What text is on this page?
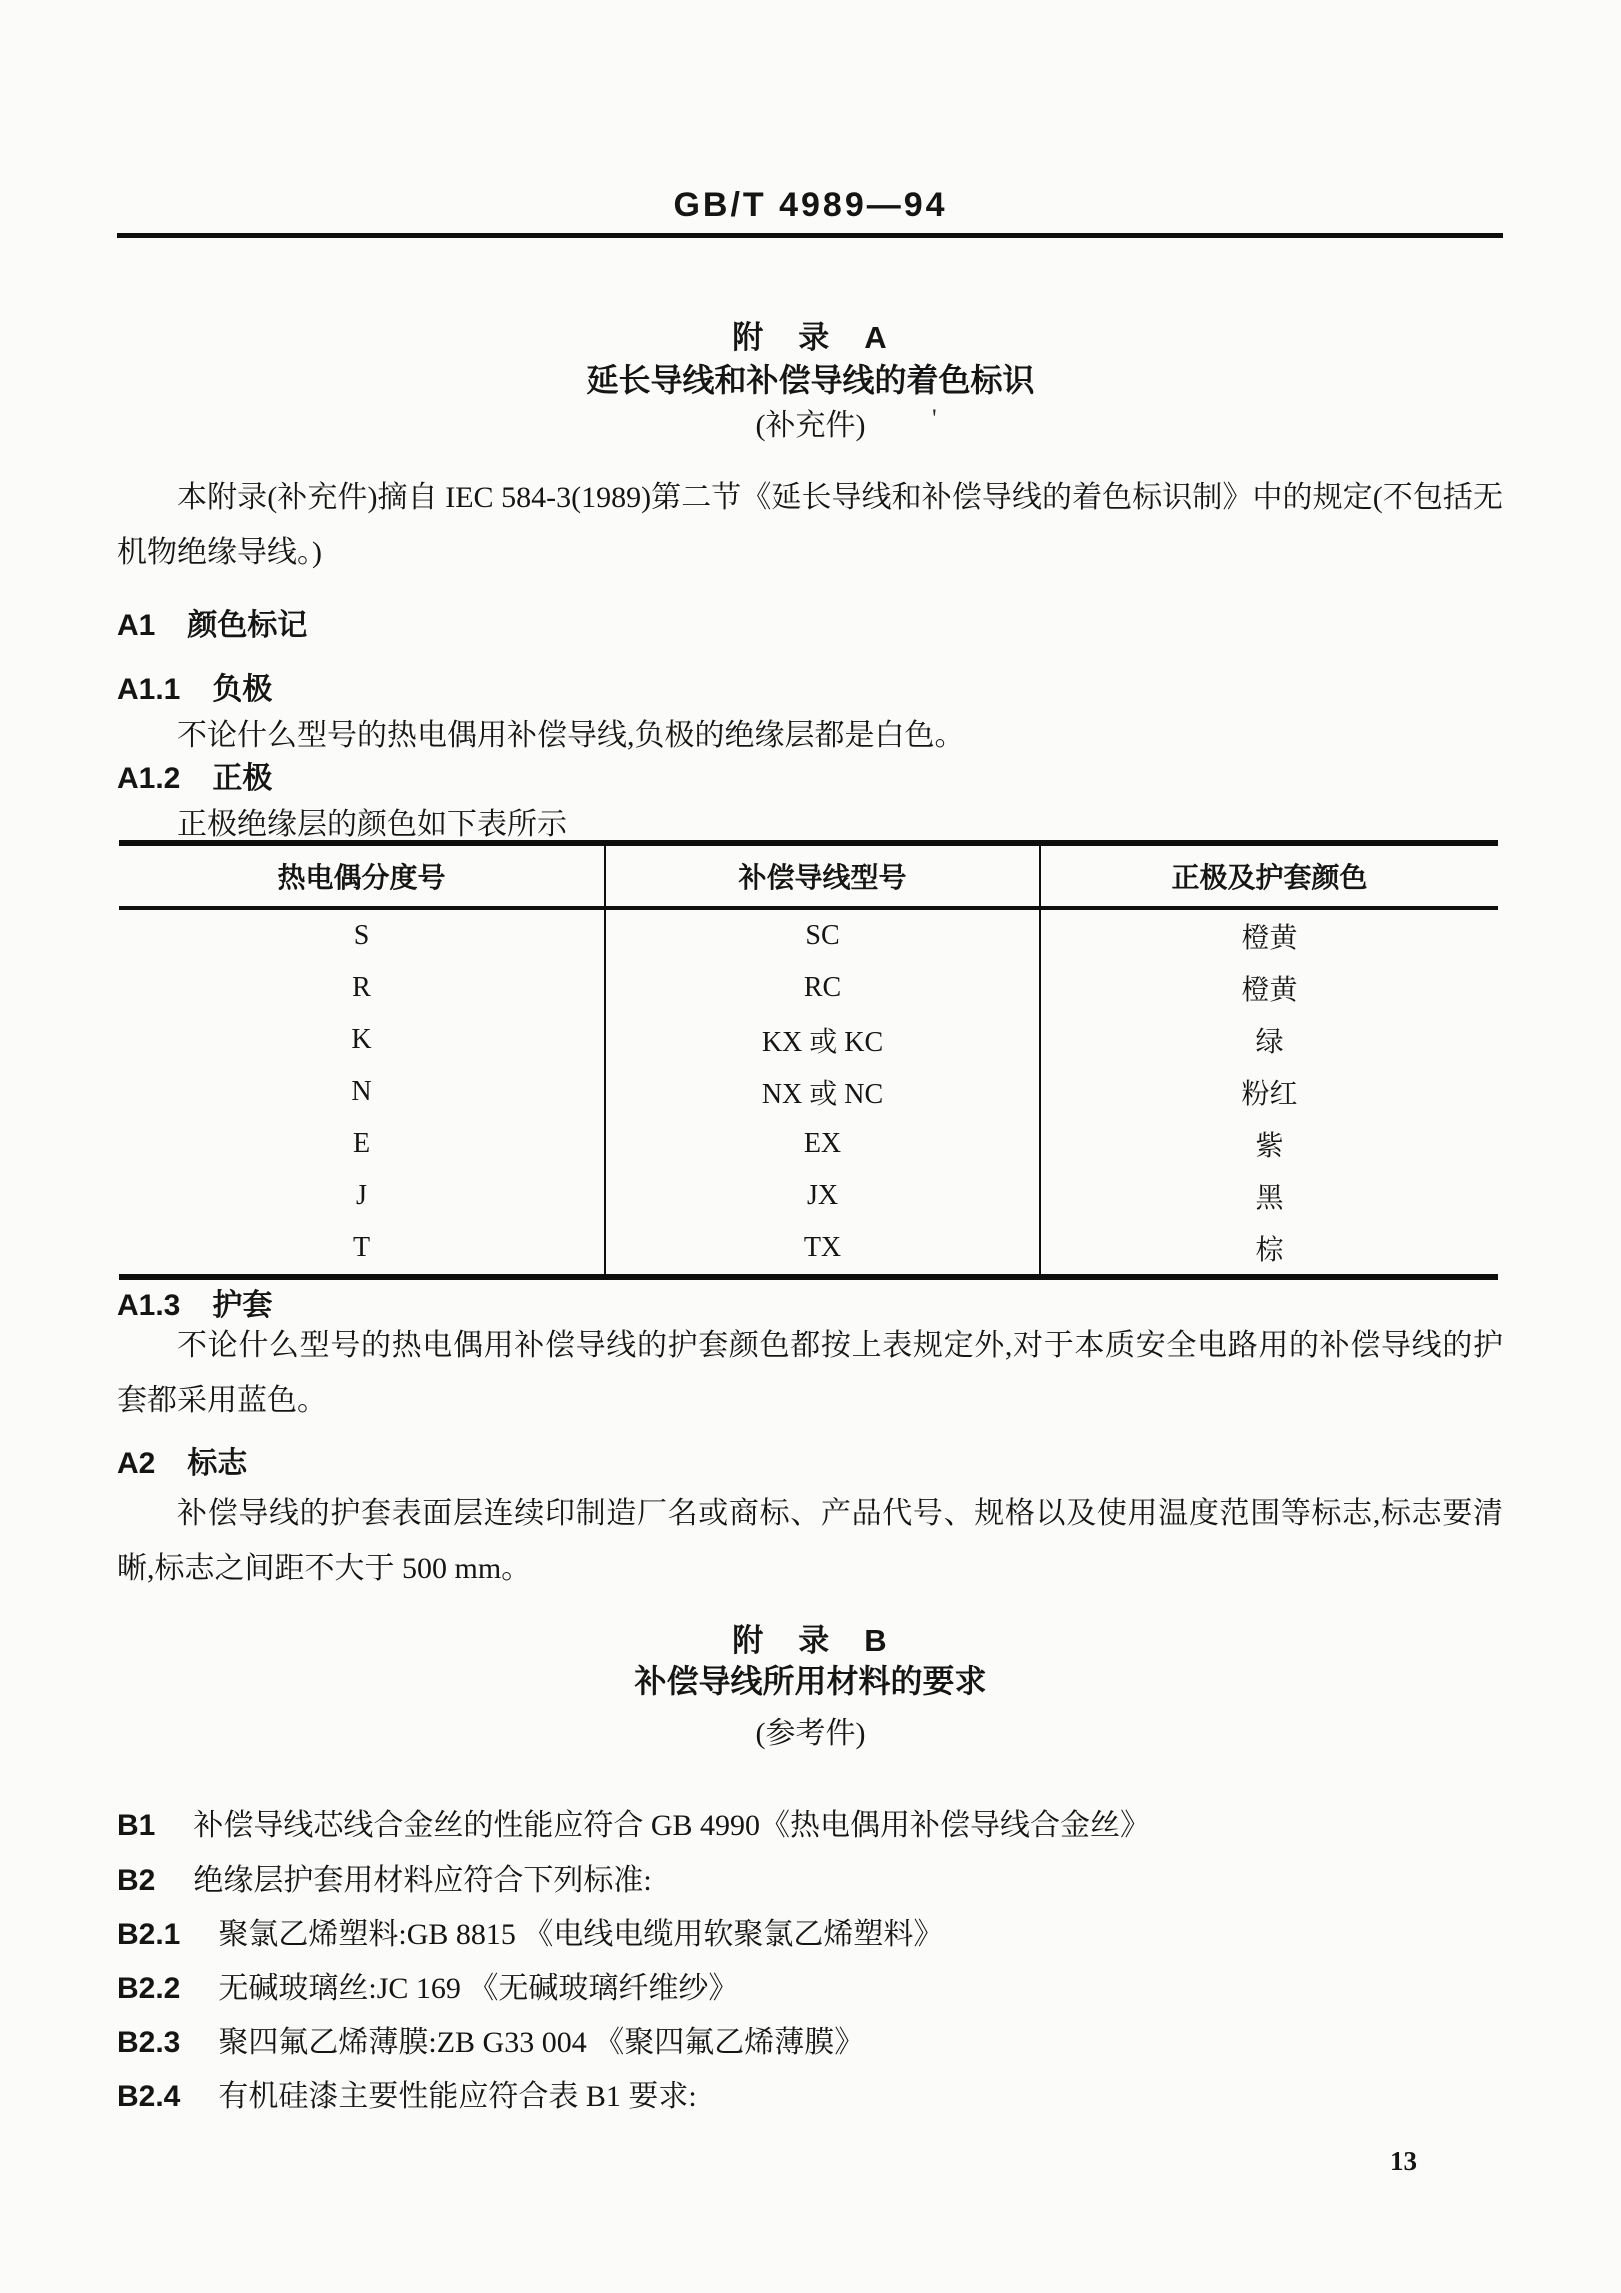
GB/T 4989—94
附　录　A
延长导线和补偿导线的着色标识
(补充件)	'
本附录(补充件)摘自 IEC 584-3(1989)第二节《延长导线和补偿导线的着色标识制》中的规定(不包括无机物绝缘导线。)
A1 颜色标记
A1.1 负极
不论什么型号的热电偶用补偿导线,负极的绝缘层都是白色。
A1.2 正极
正极绝缘层的颜色如下表所示
热电偶分度号	补偿导线型号	正极及护套颜色
S	SC	橙黄
R	RC	橙黄
K	KX 或 KC	绿
N	NX 或 NC	粉红
E	EX	紫
J	JX	黑
T	TX	棕
A1.3 护套
不论什么型号的热电偶用补偿导线的护套颜色都按上表规定外,对于本质安全电路用的补偿导线的护套都采用蓝色。
A2 标志
补偿导线的护套表面层连续印制造厂名或商标、产品代号、规格以及使用温度范围等标志,标志要清晰,标志之间距不大于 500 mm。
附　录　B
补偿导线所用材料的要求
(参考件)
B1 补偿导线芯线合金丝的性能应符合 GB 4990《热电偶用补偿导线合金丝》
B2 绝缘层护套用材料应符合下列标准:
B2.1 聚氯乙烯塑料:GB 8815 《电线电缆用软聚氯乙烯塑料》
B2.2 无碱玻璃丝:JC 169 《无碱玻璃纤维纱》
B2.3 聚四氟乙烯薄膜:ZB G33 004 《聚四氟乙烯薄膜》
B2.4 有机硅漆主要性能应符合表 B1 要求:
13
